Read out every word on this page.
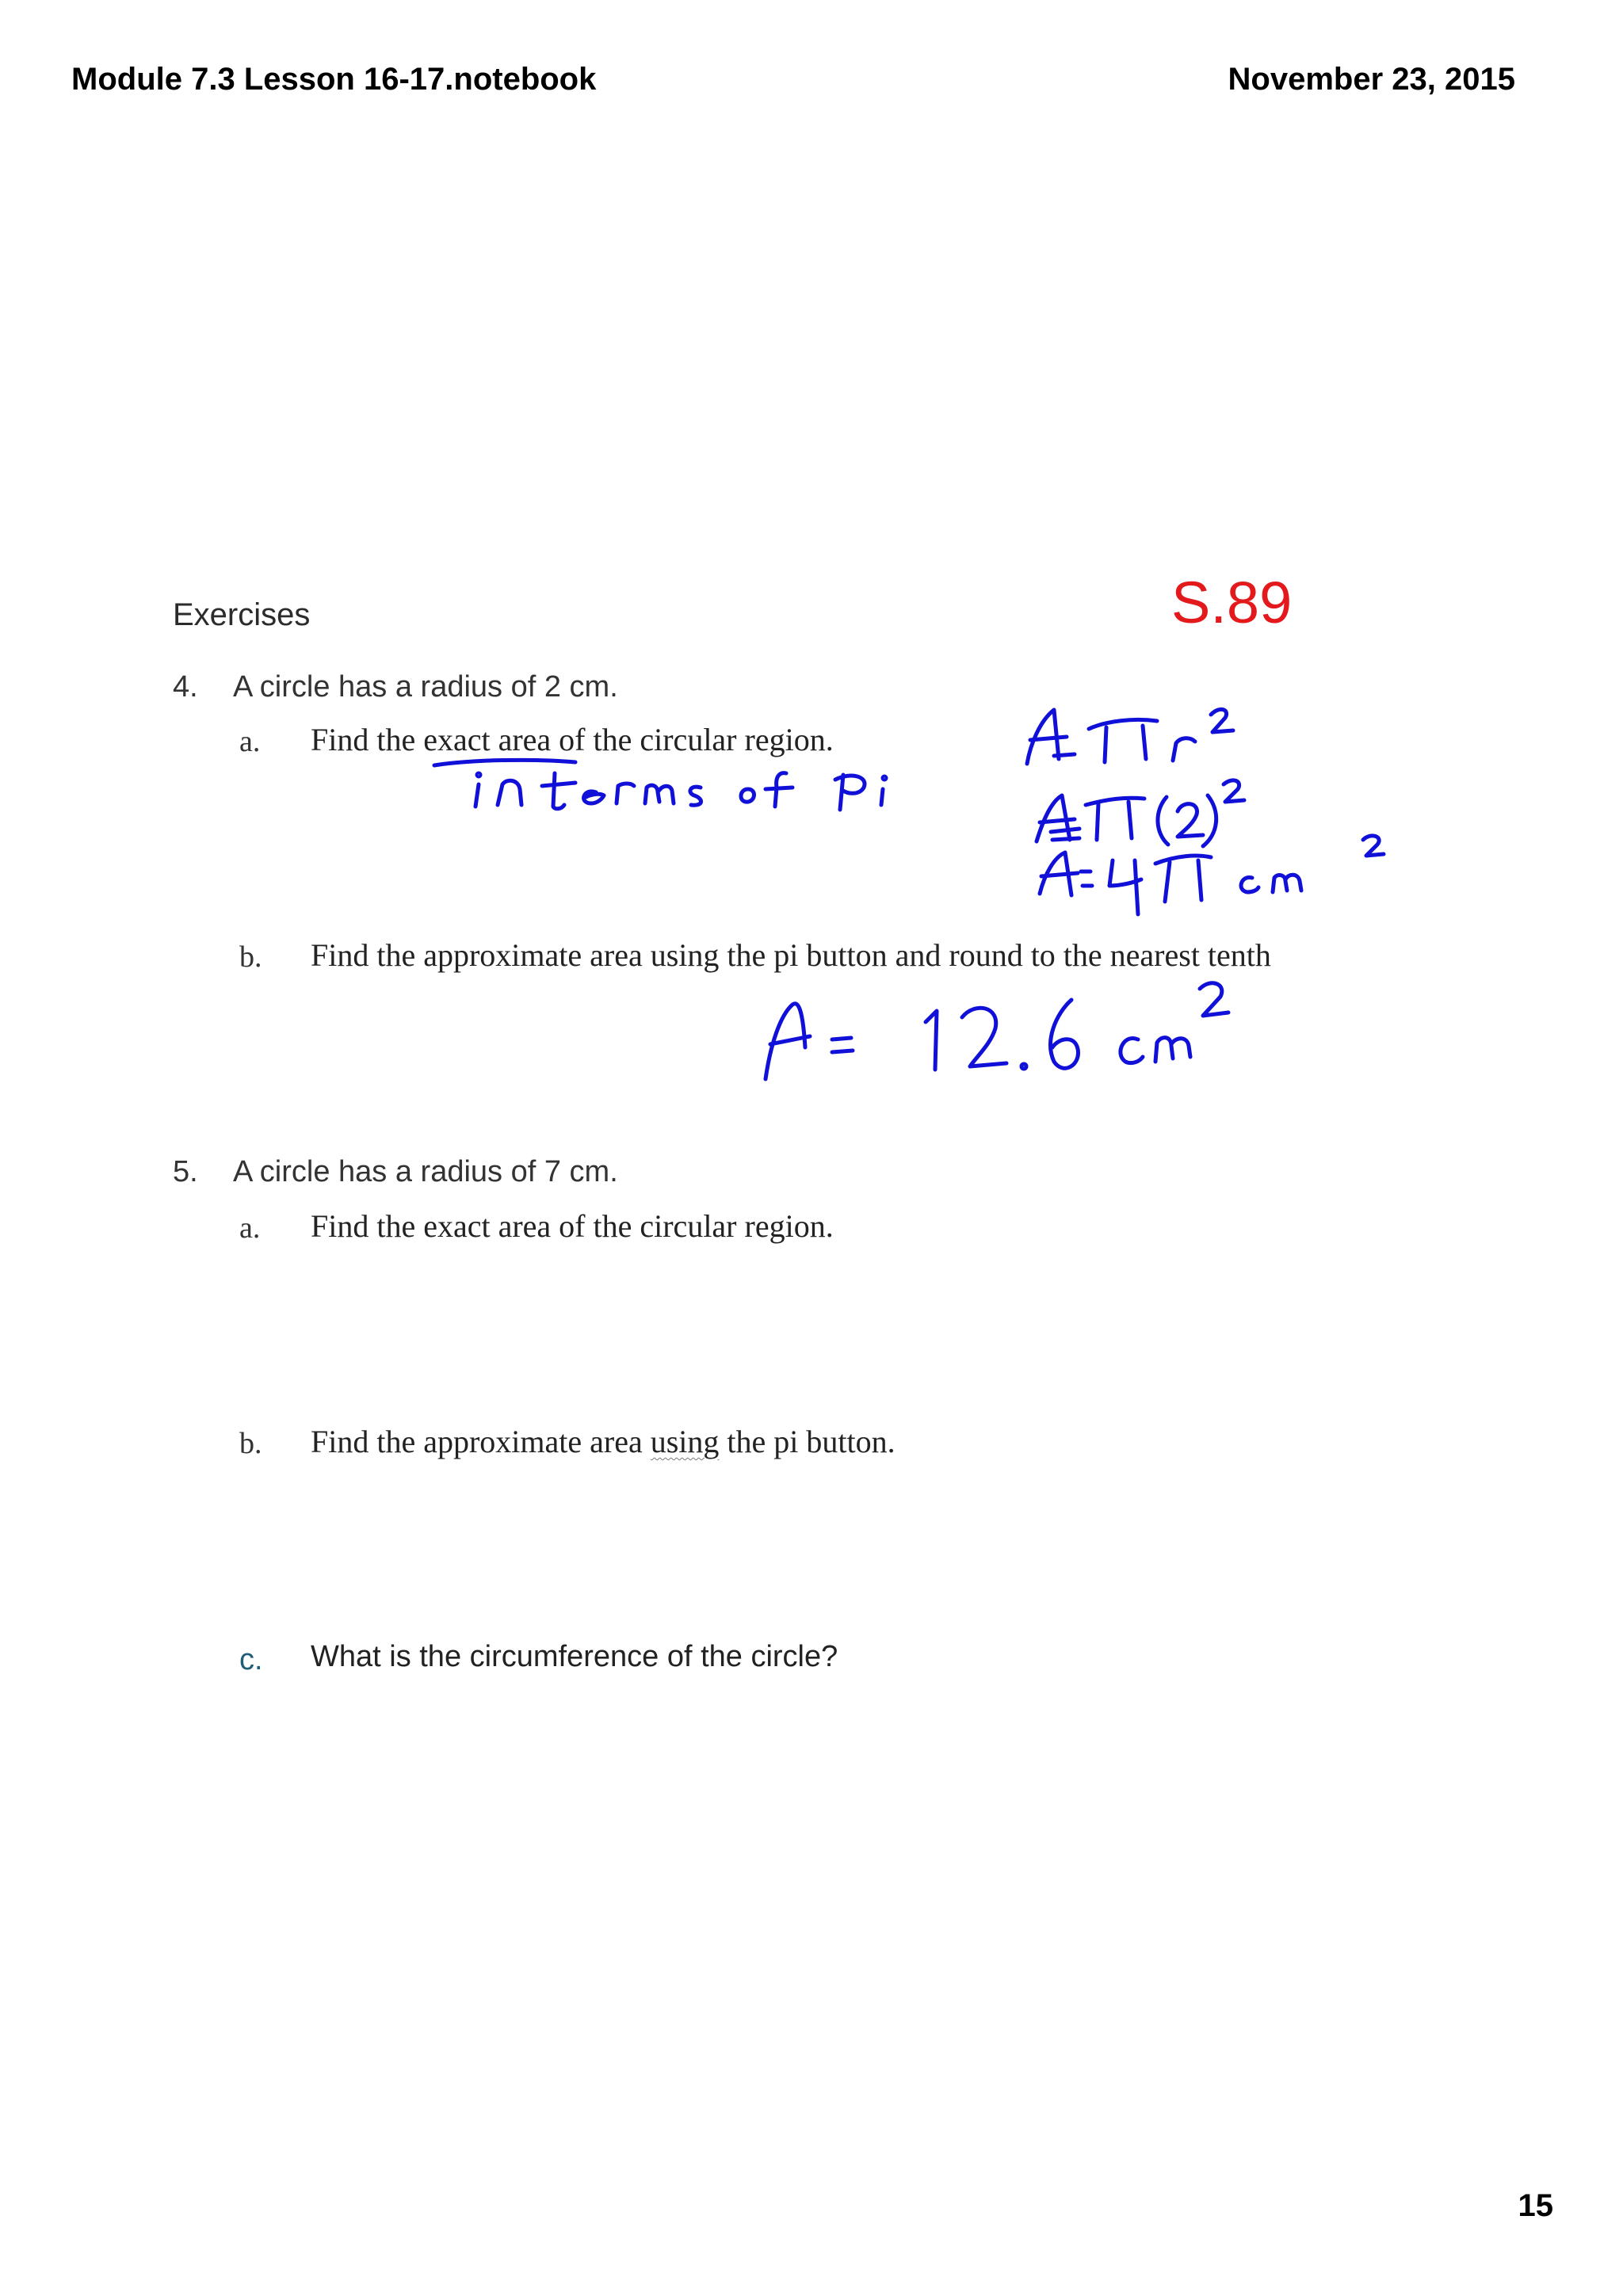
Module 7.3 Lesson 16-17.notebook	November 23, 2015
Exercises	S.89
4. A circle has a radius of 2 cm.
a. Find the exact area of the circular region.
b. Find the approximate area using the pi button and round to the nearest tenth
5. A circle has a radius of 7 cm.
a. Find the exact area of the circular region.
b. Find the approximate area using the pi button.
c. What is the circumference of the circle?
15
